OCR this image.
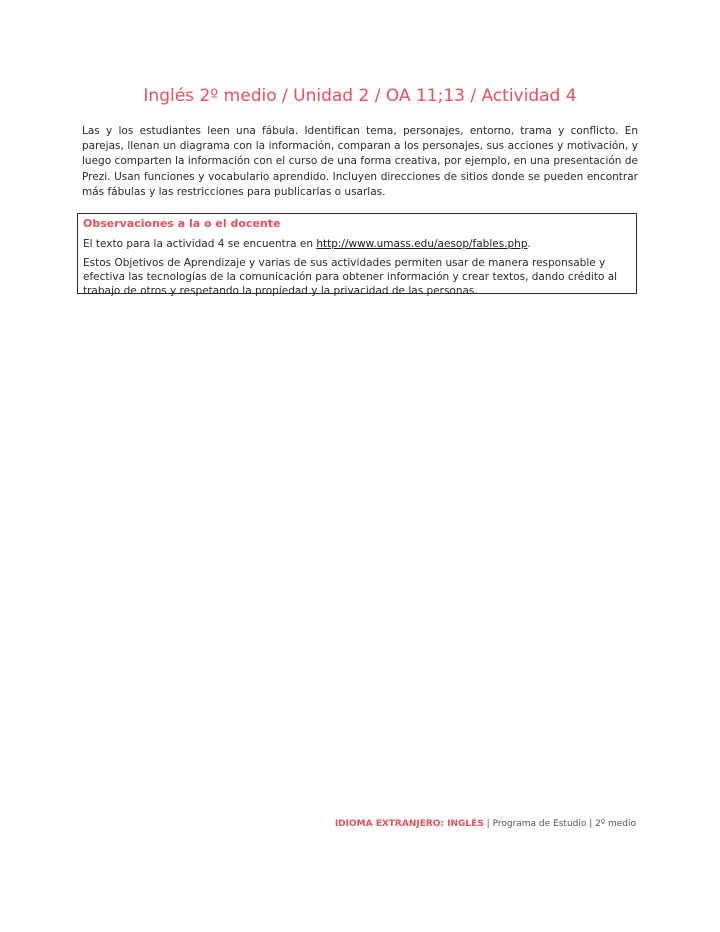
Inglés 2º medio / Unidad 2 / OA 11;13 / Actividad 4
Las y los estudiantes leen una fábula. Identifican tema, personajes, entorno, trama y conflicto. En parejas, llenan un diagrama con la información, comparan a los personajes, sus acciones y motivación, y luego comparten la información con el curso de una forma creativa, por ejemplo, en una presentación de Prezi. Usan funciones y vocabulario aprendido. Incluyen direcciones de sitios donde se pueden encontrar más fábulas y las restricciones para publicarlas o usarlas.
Observaciones a la o el docente
El texto para la actividad 4 se encuentra en http://www.umass.edu/aesop/fables.php.
Estos Objetivos de Aprendizaje y varias de sus actividades permiten usar de manera responsable y efectiva las tecnologías de la comunicación para obtener información y crear textos, dando crédito al trabajo de otros y respetando la propiedad y la privacidad de las personas.
IDIOMA EXTRANJERO: INGLÉS | Programa de Estudio | 2º medio
